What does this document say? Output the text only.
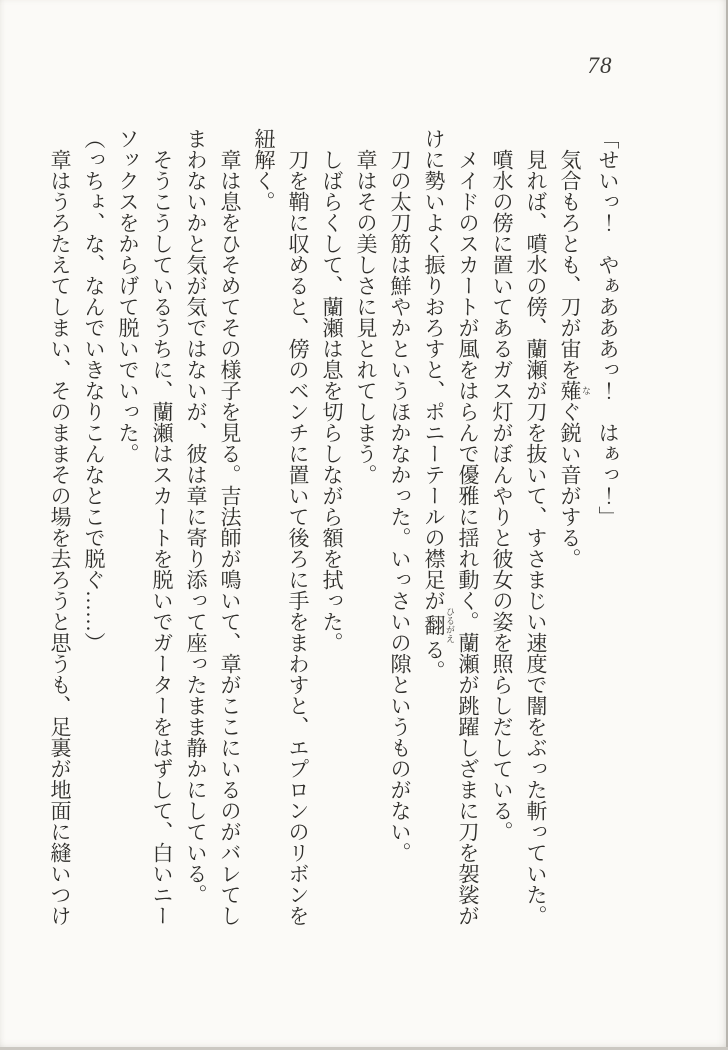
78

「せいっ！　やぁあああっ！　はぁっ！」

気合もろとも、刀が宙を薙 なぐ鋭い音がする。

見れば、噴水の傍、蘭瀬が刀を抜いて、すさまじい速度で闇をぶった斬っていた。

噴水の傍に置いてあるガス灯がぼんやりと彼女の姿を照らしだしている。

メイドのスカートが風をはらんで優雅に揺れ動く。蘭瀬が跳躍しざまに刀を袈裟がけに勢いよく振りおろすと、ポニーテールの襟足が翻 ひるがえる。

刀の太刀筋は鮮やかというほかなかった。いっさいの隙というものがない。

章はその美しさに見とれてしまう。

しばらくして、蘭瀬は息を切らしながら額を拭った。

刀を鞘に収めると、傍のベンチに置いて後ろに手をまわすと、エプロンのリボンを紐解く。

章は息をひそめてその様子を見る。吉法師が鳴いて、章がここにいるのがバレてしまわないかと気が気ではないが、彼は章に寄り添って座ったまま静かにしている。

そうこうしているうちに、蘭瀬はスカートを脱いでガーターをはずして、白いニーソックスをからげて脱いでいった。

（っちょ、な、なんでいきなりこんなとこで脱ぐ……）

章はうろたえてしまい、そのままその場を去ろうと思うも、足裏が地面に縫いつけ
